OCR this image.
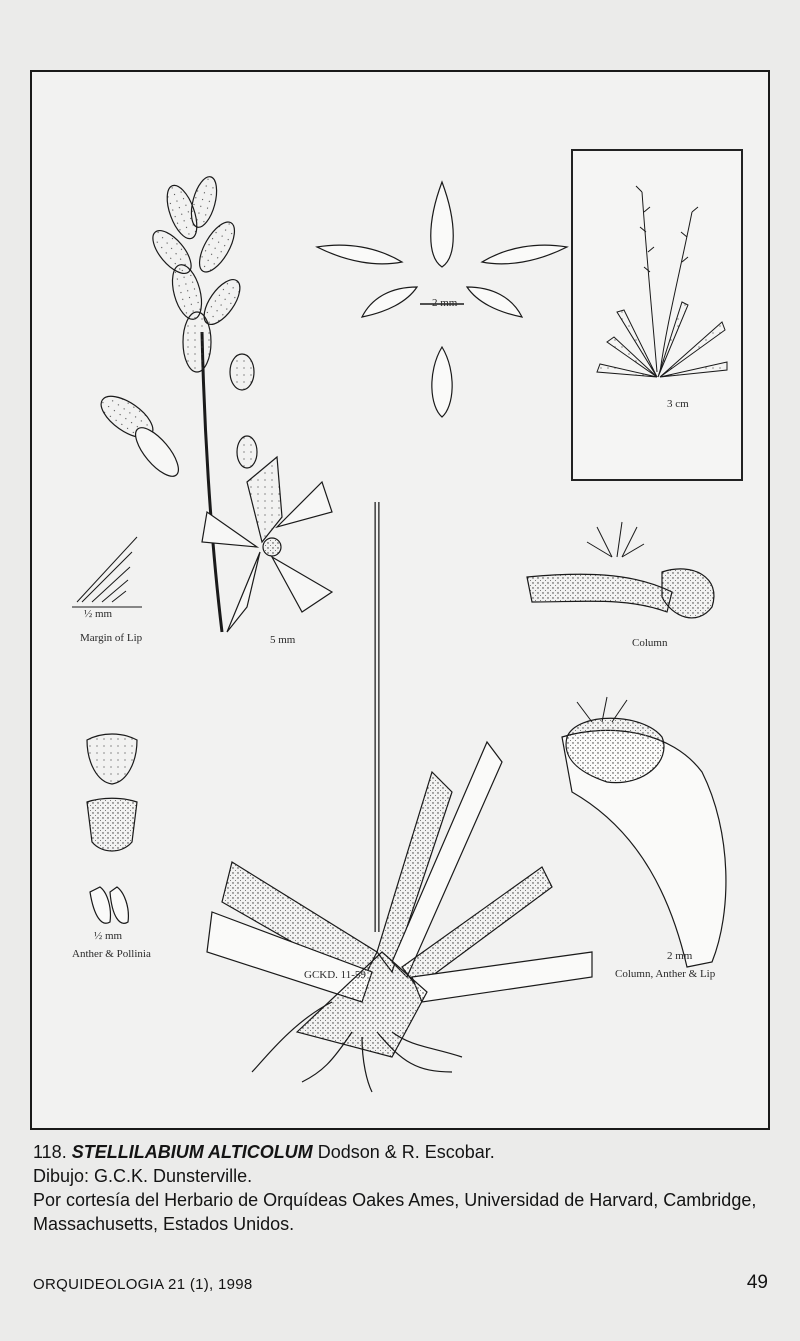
2 mm
3 cm
½ mm
Margin of Lip	5 mm	Column
½ mm
Anther & Pollinia
GCKD. 11-59
2 mm
Column, Anther & Lip
118. STELLILABIUM ALTICOLUM Dodson & R. Escobar.
Dibujo: G.C.K. Dunsterville.
Por cortesía del Herbario de Orquídeas Oakes Ames, Universidad de Harvard, Cambridge, Massachusetts, Estados Unidos.
ORQUIDEOLOGIA 21 (1), 1998	49
